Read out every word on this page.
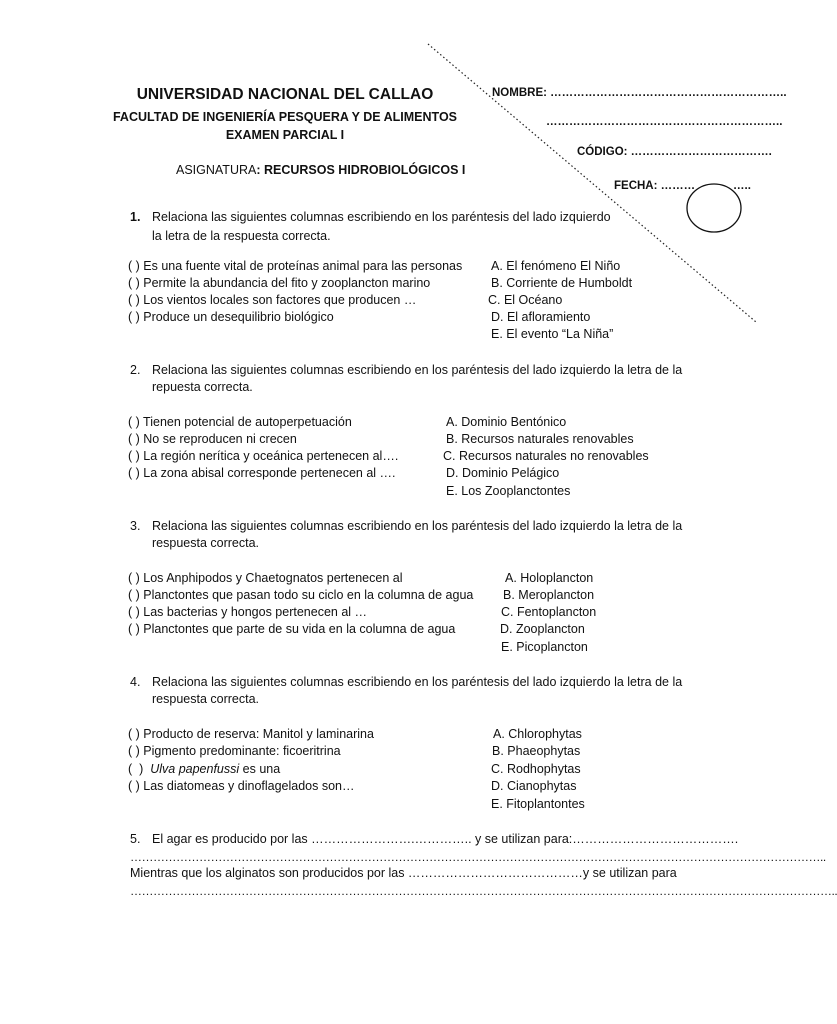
UNIVERSIDAD NACIONAL DEL CALLAO
FACULTAD DE INGENIERÍA PESQUERA Y DE ALIMENTOS
EXAMEN PARCIAL I
ASIGNATURA: RECURSOS HIDROBIOLÓGICOS I
NOMBRE: ……………………………………………………..
……………………………………………………..
CÓDIGO: ……………………………….
FECHA: ………	…..
1. Relaciona las siguientes columnas escribiendo en los paréntesis del lado izquierdo
la letra de la respuesta correcta.
( ) Es una fuente vital de proteínas animal para las personas
( ) Permite la abundancia del fito y zooplancton marino
( ) Los vientos locales son factores que producen …
( ) Produce un desequilibrio biológico
A. El fenómeno El Niño
B. Corriente de Humboldt
C. El Océano
D. El afloramiento
E. El evento “La Niña”
2. Relaciona las siguientes columnas escribiendo en los paréntesis del lado izquierdo la letra de la
repuesta correcta.
( ) Tienen potencial de autoperpetuación
( ) No se reproducen ni crecen
( ) La región nerítica y oceánica pertenecen al….
( ) La zona abisal corresponde pertenecen al ….
A. Dominio Bentónico
B. Recursos naturales renovables
C. Recursos naturales no renovables
D. Dominio Pelágico
E. Los Zooplanctontes
3. Relaciona las siguientes columnas escribiendo en los paréntesis del lado izquierdo la letra de la
respuesta correcta.
( ) Los Anphipodos y Chaetognatos pertenecen al
( ) Planctontes que pasan todo su ciclo en la columna de agua
( ) Las bacterias y hongos pertenecen al …
( ) Planctontes que parte de su vida en la columna de agua
A. Holoplancton
B. Meroplancton
C. Fentoplancton
D. Zooplancton
E. Picoplancton
4. Relaciona las siguientes columnas escribiendo en los paréntesis del lado izquierdo la letra de la
respuesta correcta.
( ) Producto de reserva: Manitol y laminarina
( ) Pigmento predominante: ficoeritrina
(  )  Ulva papenfussi es una
( ) Las diatomeas y dinoflagelados son…
A. Chlorophytas
B. Phaeophytas
C. Rodhophytas
D. Cianophytas
E. Fitoplantontes
5. El agar es producido por las …………………….………….. y se utilizan para:………………………………….
………………………………………………………………………………………………………………………………………………………………..
Mientras que los alginatos son producidos por las ……………………………………y se utilizan para
…………………………………………………………………………………………………………………………………………………………………..
